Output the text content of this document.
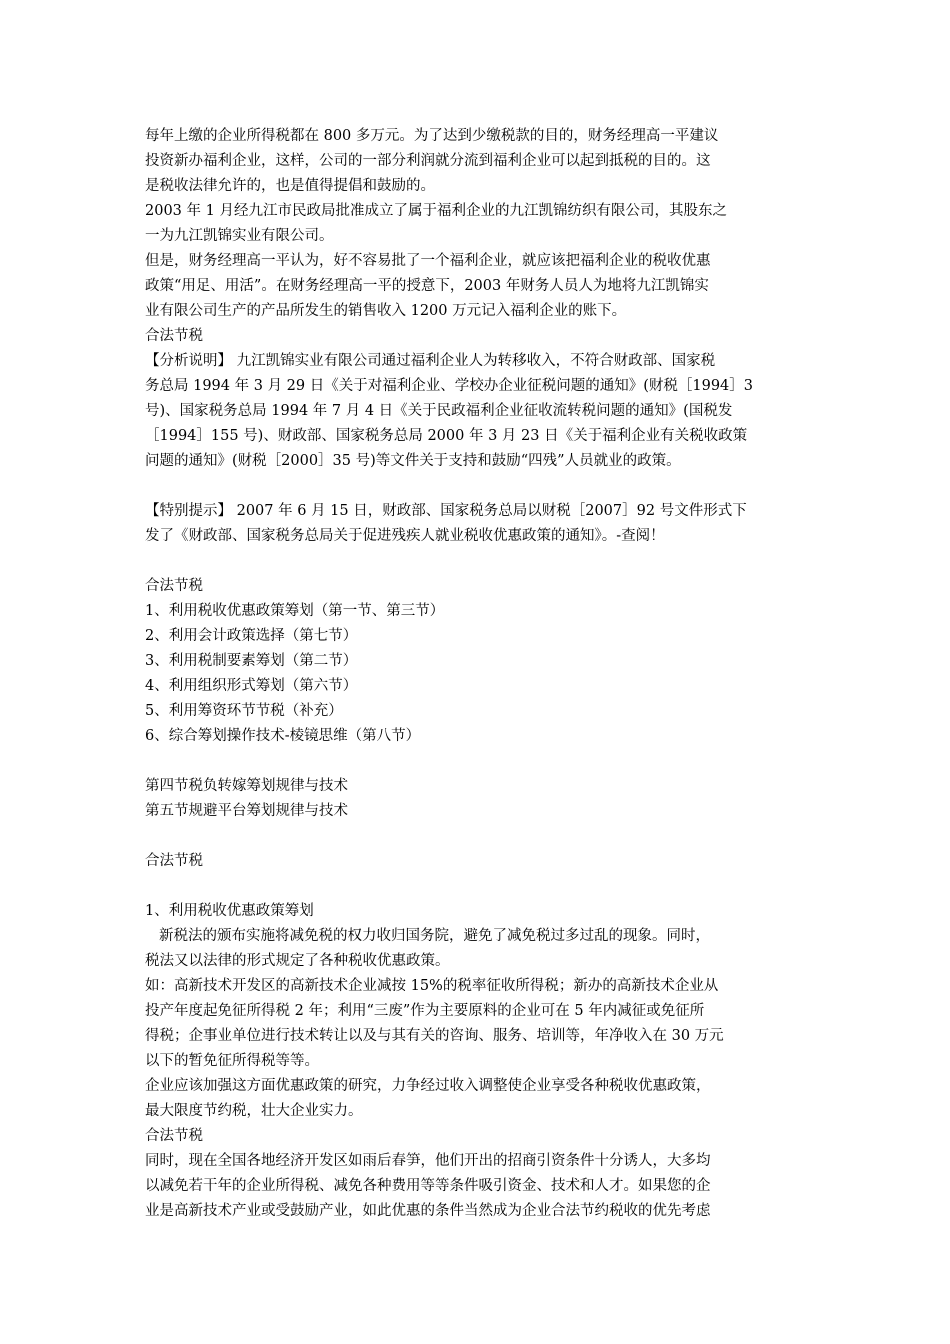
每年上缴的企业所得税都在 800 多万元。为了达到少缴税款的目的，财务经理高一平建议
投资新办福利企业，这样，公司的一部分利润就分流到福利企业可以起到抵税的目的。这
是税收法律允许的，也是值得提倡和鼓励的。
2003 年 1 月经九江市民政局批准成立了属于福利企业的九江凯锦纺织有限公司，其股东之
一为九江凯锦实业有限公司。
但是，财务经理高一平认为，好不容易批了一个福利企业，就应该把福利企业的税收优惠
政策“用足、用活”。在财务经理高一平的授意下，2003 年财务人员人为地将九江凯锦实
业有限公司生产的产品所发生的销售收入 1200 万元记入福利企业的账下。
合法节税
【分析说明】 九江凯锦实业有限公司通过福利企业人为转移收入，不符合财政部、国家税
务总局 1994 年 3 月 29 日《关于对福利企业、学校办企业征税问题的通知》(财税［1994］3
号)、国家税务总局 1994 年 7 月 4 日《关于民政福利企业征收流转税问题的通知》(国税发
［1994］155 号)、财政部、国家税务总局 2000 年 3 月 23 日《关于福利企业有关税收政策
问题的通知》(财税［2000］35 号)等文件关于支持和鼓励“四残”人员就业的政策。
【特别提示】 2007 年 6 月 15 日，财政部、国家税务总局以财税［2007］92 号文件形式下
发了《财政部、国家税务总局关于促进残疾人就业税收优惠政策的通知》。-查阅！
合法节税
1、利用税收优惠政策筹划（第一节、第三节）
2、利用会计政策选择（第七节）
3、利用税制要素筹划（第二节）
4、利用组织形式筹划（第六节）
5、利用筹资环节节税（补充）
6、综合筹划操作技术-棱镜思维（第八节）
第四节税负转嫁筹划规律与技术
第五节规避平台筹划规律与技术
合法节税
1、利用税收优惠政策筹划
新税法的颁布实施将减免税的权力收归国务院，避免了减免税过多过乱的现象。同时，
税法又以法律的形式规定了各种税收优惠政策。
如：高新技术开发区的高新技术企业减按 15%的税率征收所得税；新办的高新技术企业从
投产年度起免征所得税 2 年；利用“三废”作为主要原料的企业可在 5 年内减征或免征所
得税；企事业单位进行技术转让以及与其有关的咨询、服务、培训等，年净收入在 30 万元
以下的暂免征所得税等等。
企业应该加强这方面优惠政策的研究，力争经过收入调整使企业享受各种税收优惠政策，
最大限度节约税，壮大企业实力。
合法节税
同时，现在全国各地经济开发区如雨后春笋，他们开出的招商引资条件十分诱人，大多均
以减免若干年的企业所得税、减免各种费用等等条件吸引资金、技术和人才。如果您的企
业是高新技术产业或受鼓励产业，如此优惠的条件当然成为企业合法节约税收的优先考虑
